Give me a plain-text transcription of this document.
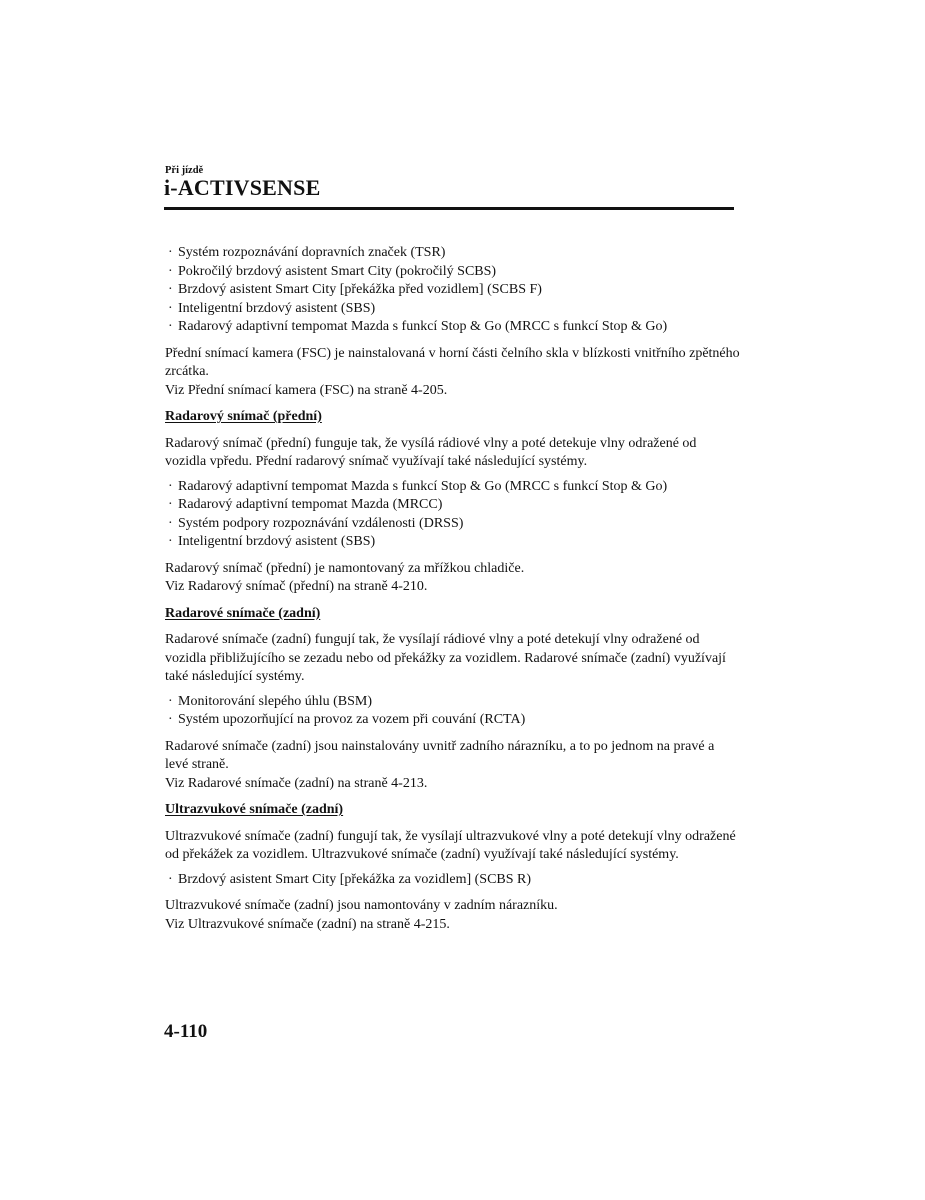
Při jízdě
i-ACTIVSENSE
· Systém rozpoznávání dopravních značek (TSR)
· Pokročilý brzdový asistent Smart City (pokročilý SCBS)
· Brzdový asistent Smart City [překážka před vozidlem] (SCBS F)
· Inteligentní brzdový asistent (SBS)
· Radarový adaptivní tempomat Mazda s funkcí Stop & Go (MRCC s funkcí Stop & Go)

Přední snímací kamera (FSC) je nainstalovaná v horní části čelního skla v blízkosti vnitřního zpětného zrcátka.

Viz Přední snímací kamera (FSC) na straně 4-205.

Radarový snímač (přední)

Radarový snímač (přední) funguje tak, že vysílá rádiové vlny a poté detekuje vlny odražené od vozidla vpředu. Přední radarový snímač využívají také následující systémy.

· Radarový adaptivní tempomat Mazda s funkcí Stop & Go (MRCC s funkcí Stop & Go)
· Radarový adaptivní tempomat Mazda (MRCC)
· Systém podpory rozpoznávání vzdálenosti (DRSS)
· Inteligentní brzdový asistent (SBS)

Radarový snímač (přední) je namontovaný za mřížkou chladiče.

Viz Radarový snímač (přední) na straně 4-210.

Radarové snímače (zadní)

Radarové snímače (zadní) fungují tak, že vysílají rádiové vlny a poté detekují vlny odražené od vozidla přibližujícího se zezadu nebo od překážky za vozidlem. Radarové snímače (zadní) využívají také následující systémy.

· Monitorování slepého úhlu (BSM)
· Systém upozorňující na provoz za vozem při couvání (RCTA)

Radarové snímače (zadní) jsou nainstalovány uvnitř zadního nárazníku, a to po jednom na pravé a levé straně.

Viz Radarové snímače (zadní) na straně 4-213.

Ultrazvukové snímače (zadní)

Ultrazvukové snímače (zadní) fungují tak, že vysílají ultrazvukové vlny a poté detekují vlny odražené od překážek za vozidlem. Ultrazvukové snímače (zadní) využívají také následující systémy.

· Brzdový asistent Smart City [překážka za vozidlem] (SCBS R)

Ultrazvukové snímače (zadní) jsou namontovány v zadním nárazníku.

Viz Ultrazvukové snímače (zadní) na straně 4-215.

4-110
